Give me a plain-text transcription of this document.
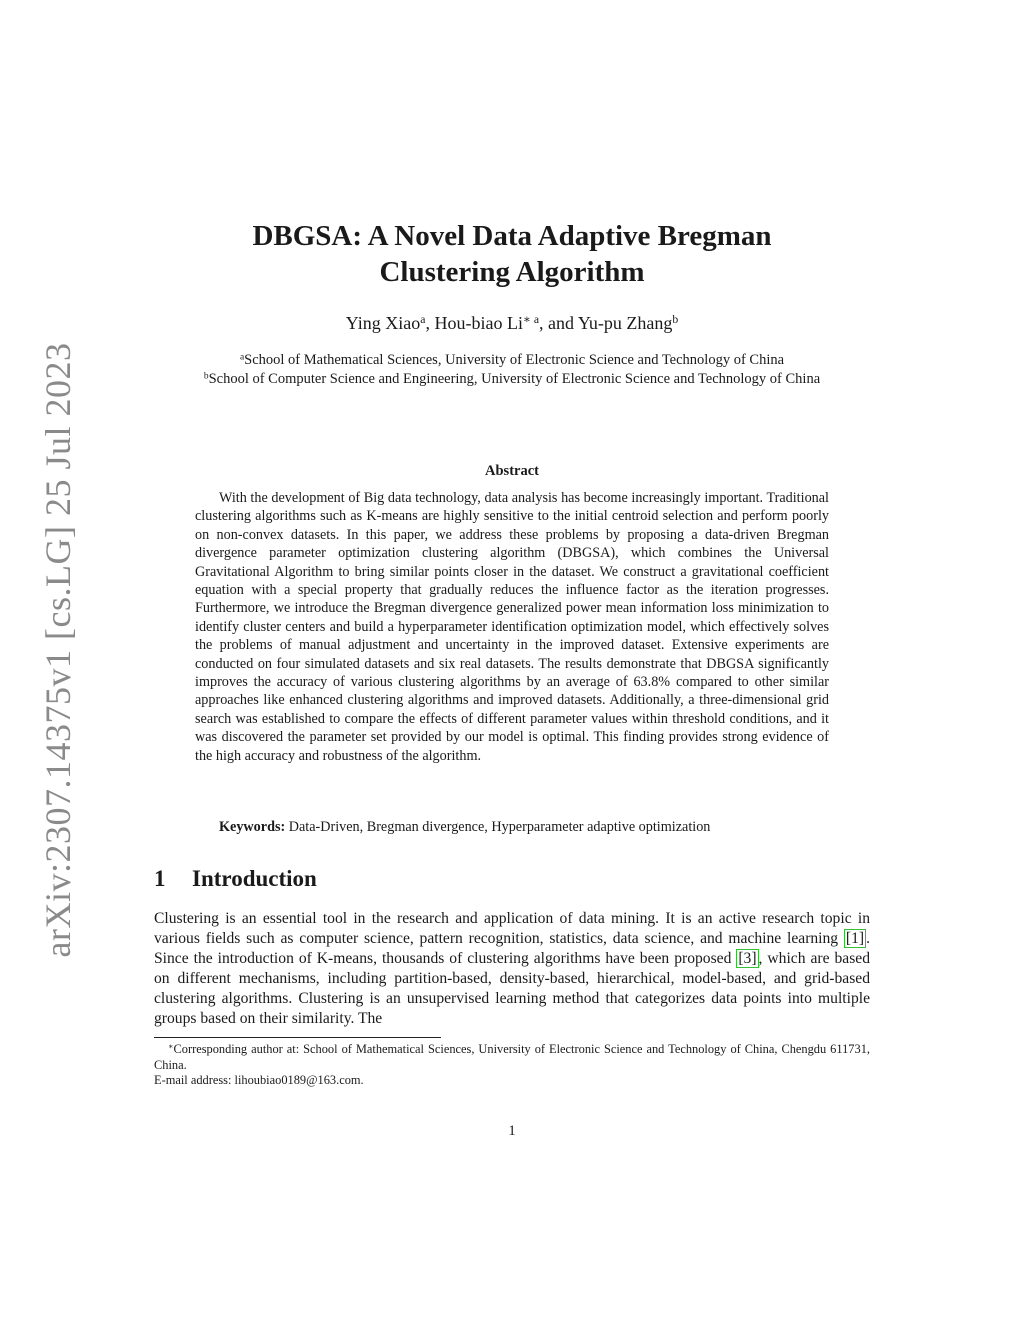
arXiv:2307.14375v1 [cs.LG] 25 Jul 2023
DBGSA: A Novel Data Adaptive Bregman
Clustering Algorithm
Ying Xiao$^a$, Hou-biao $Li^{∗ a}$, and Yu-pu Zhang$^b$
$^a$School of Mathematical Sciences, University of Electronic Science and Technology of China
$^b$School of Computer Science and Engineering, University of Electronic Science and Technology of China
Abstract
With the development of Big data technology, data analysis has become increasingly important. Traditional clustering algorithms such as K-means are highly sensitive to the initial centroid selection and perform poorly on non-convex datasets. In this paper, we address these problems by proposing a data-driven Bregman divergence parameter optimization clustering algorithm (DBGSA), which combines the Universal Gravitational Algorithm to bring similar points closer in the dataset. We construct a gravitational coefficient equation with a special property that gradually reduces the influence factor as the iteration progresses. Furthermore, we introduce the Bregman divergence generalized power mean information loss minimization to identify cluster centers and build a hyperparameter identification optimization model, which effectively solves the problems of manual adjustment and uncertainty in the improved dataset. Extensive experiments are conducted on four simulated datasets and six real datasets. The results demonstrate that DBGSA significantly improves the accuracy of various clustering algorithms by an average of 63.8% compared to other similar approaches like enhanced clustering algorithms and improved datasets. Additionally, a three-dimensional grid search was established to compare the effects of different parameter values within threshold conditions, and it was discovered the parameter set provided by our model is optimal. This finding provides strong evidence of the high accuracy and robustness of the algorithm.
Keywords: Data-Driven, Bregman divergence, Hyperparameter adaptive optimization
1 Introduction
Clustering is an essential tool in the research and application of data mining. It is an active research topic in various fields such as computer science, pattern recognition, statistics, data science, and machine learning [1] . Since the introduction of K-means, thousands of clustering algorithms have been proposed [3] , which are based on different mechanisms, including partition-based, density-based, hierarchical, model-based, and grid-based clustering algorithms. Clustering is an unsupervised learning method that categorizes data points into multiple groups based on their similarity. The
∗Corresponding author at: School of Mathematical Sciences, University of Electronic Science and Technology of China, Chengdu 611731, China.
E-mail address: lihoubiao0189@163.com.
1
